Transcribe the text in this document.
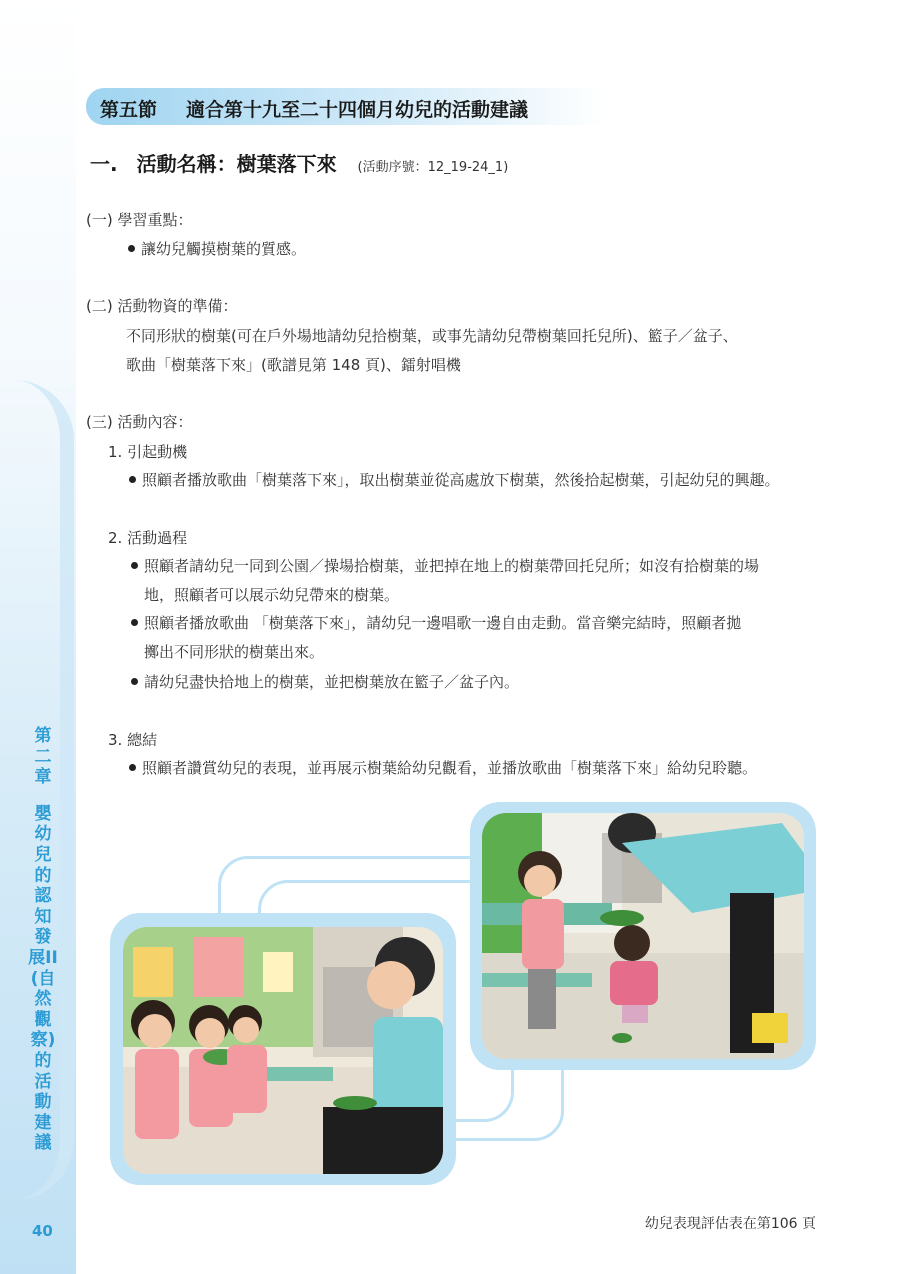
第二章
嬰幼兒的認知發展II(自然觀察)的活動建議
40
第五節 適合第十九至二十四個月幼兒的活動建議
一. 活動名稱：樹葉落下來 (活動序號：12_19-24_1)
(一) 學習重點：
讓幼兒觸摸樹葉的質感。
(二) 活動物資的準備：
不同形狀的樹葉(可在戶外場地請幼兒拾樹葉，或事先請幼兒帶樹葉回托兒所)、籃子／盆子、
歌曲「樹葉落下來」(歌譜見第 148 頁)、鐳射唱機
(三) 活動內容：
1. 引起動機
照顧者播放歌曲「樹葉落下來」，取出樹葉並從高處放下樹葉，然後拾起樹葉，引起幼兒的興趣。
2. 活動過程
照顧者請幼兒一同到公園／操場拾樹葉，並把掉在地上的樹葉帶回托兒所；如沒有拾樹葉的場
地，照顧者可以展示幼兒帶來的樹葉。
照顧者播放歌曲 「樹葉落下來」，請幼兒一邊唱歌一邊自由走動。當音樂完結時，照顧者拋
擲出不同形狀的樹葉出來。
請幼兒盡快拾地上的樹葉，並把樹葉放在籃子／盆子內。
3. 總結
照顧者讚賞幼兒的表現，並再展示樹葉給幼兒觀看，並播放歌曲「樹葉落下來」給幼兒聆聽。
幼兒表現評估表在第106 頁
